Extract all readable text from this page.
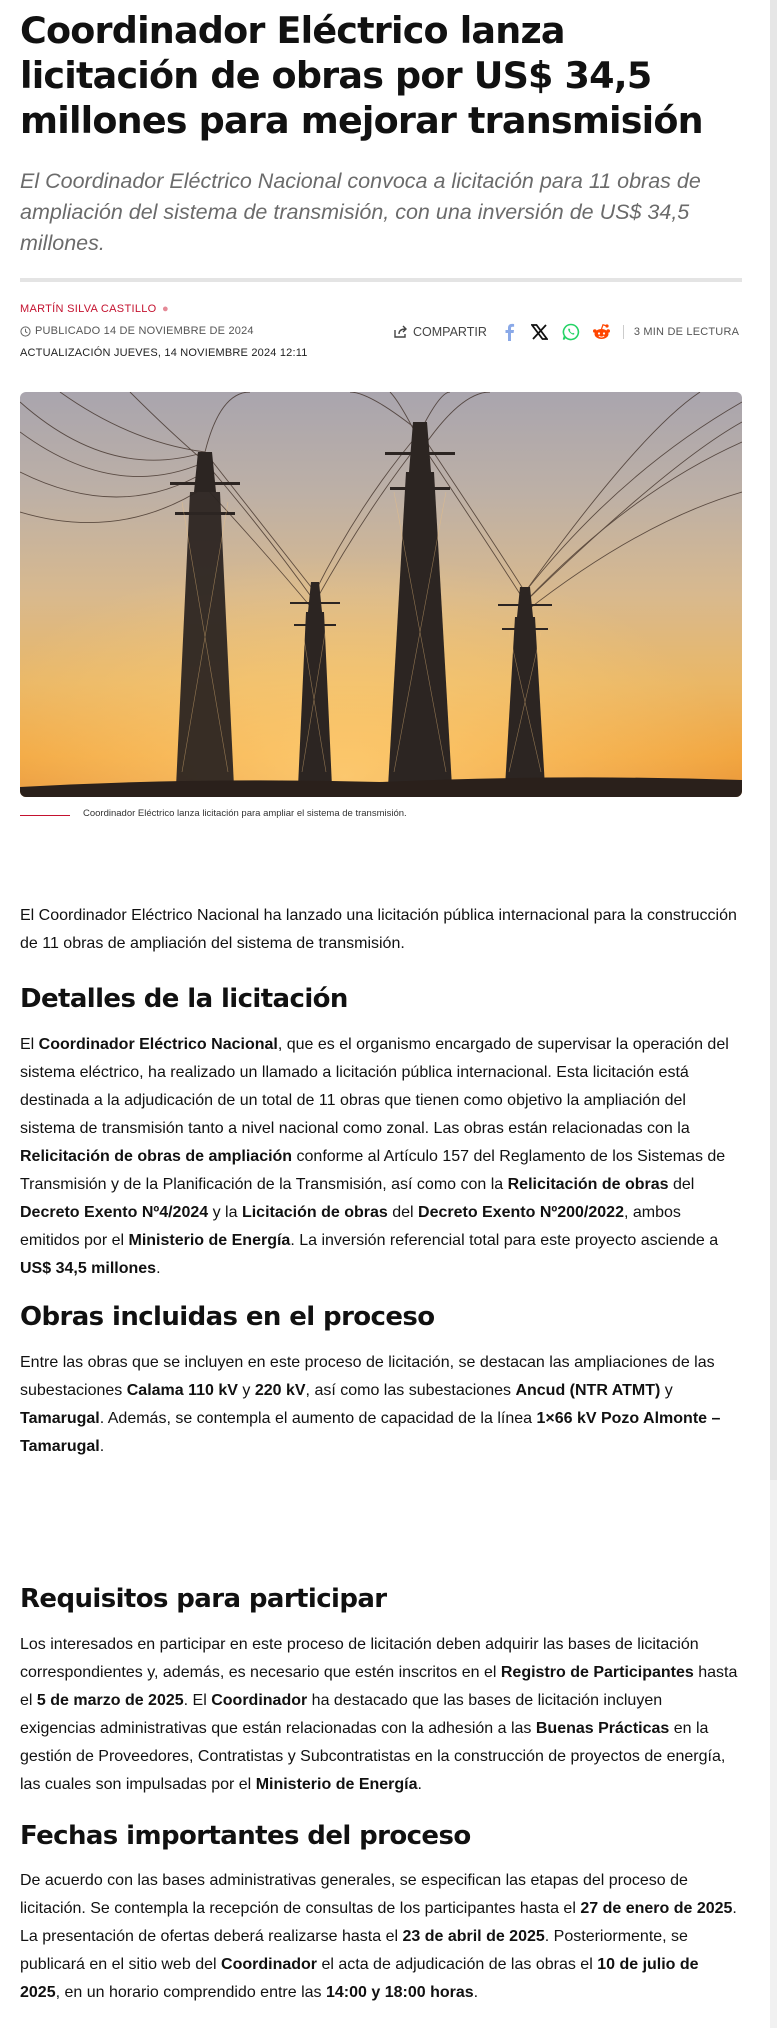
Coordinador Eléctrico lanza licitación de obras por US$ 34,5 millones para mejorar transmisión

El Coordinador Eléctrico Nacional convoca a licitación para 11 obras de ampliación del sistema de transmisión, con una inversión de US$ 34,5 millones.

MARTÍN SILVA CASTILLO ●
PUBLICADO 14 DE NOVIEMBRE DE 2024
ACTUALIZACIÓN JUEVES, 14 NOVIEMBRE 2024 12:11
COMPARTIR	3 MIN DE LECTURA
Coordinador Eléctrico lanza licitación para ampliar el sistema de transmisión.

El Coordinador Eléctrico Nacional ha lanzado una licitación pública internacional para la construcción de 11 obras de ampliación del sistema de transmisión.

Detalles de la licitación

El Coordinador Eléctrico Nacional, que es el organismo encargado de supervisar la operación del sistema eléctrico, ha realizado un llamado a licitación pública internacional. Esta licitación está destinada a la adjudicación de un total de 11 obras que tienen como objetivo la ampliación del sistema de transmisión tanto a nivel nacional como zonal. Las obras están relacionadas con la Relicitación de obras de ampliación conforme al Artículo 157 del Reglamento de los Sistemas de Transmisión y de la Planificación de la Transmisión, así como con la Relicitación de obras del Decreto Exento Nº4/2024 y la Licitación de obras del Decreto Exento Nº200/2022, ambos emitidos por el Ministerio de Energía. La inversión referencial total para este proyecto asciende a US$ 34,5 millones.

Obras incluidas en el proceso

Entre las obras que se incluyen en este proceso de licitación, se destacan las ampliaciones de las subestaciones Calama 110 kV y 220 kV, así como las subestaciones Ancud (NTR ATMT) y Tamarugal. Además, se contempla el aumento de capacidad de la línea 1×66 kV Pozo Almonte – Tamarugal.

Requisitos para participar

Los interesados en participar en este proceso de licitación deben adquirir las bases de licitación correspondientes y, además, es necesario que estén inscritos en el Registro de Participantes hasta el 5 de marzo de 2025. El Coordinador ha destacado que las bases de licitación incluyen exigencias administrativas que están relacionadas con la adhesión a las Buenas Prácticas en la gestión de Proveedores, Contratistas y Subcontratistas en la construcción de proyectos de energía, las cuales son impulsadas por el Ministerio de Energía.

Fechas importantes del proceso

De acuerdo con las bases administrativas generales, se especifican las etapas del proceso de licitación. Se contempla la recepción de consultas de los participantes hasta el 27 de enero de 2025. La presentación de ofertas deberá realizarse hasta el 23 de abril de 2025. Posteriormente, se publicará en el sitio web del Coordinador el acta de adjudicación de las obras el 10 de julio de 2025, en un horario comprendido entre las 14:00 y 18:00 horas.
